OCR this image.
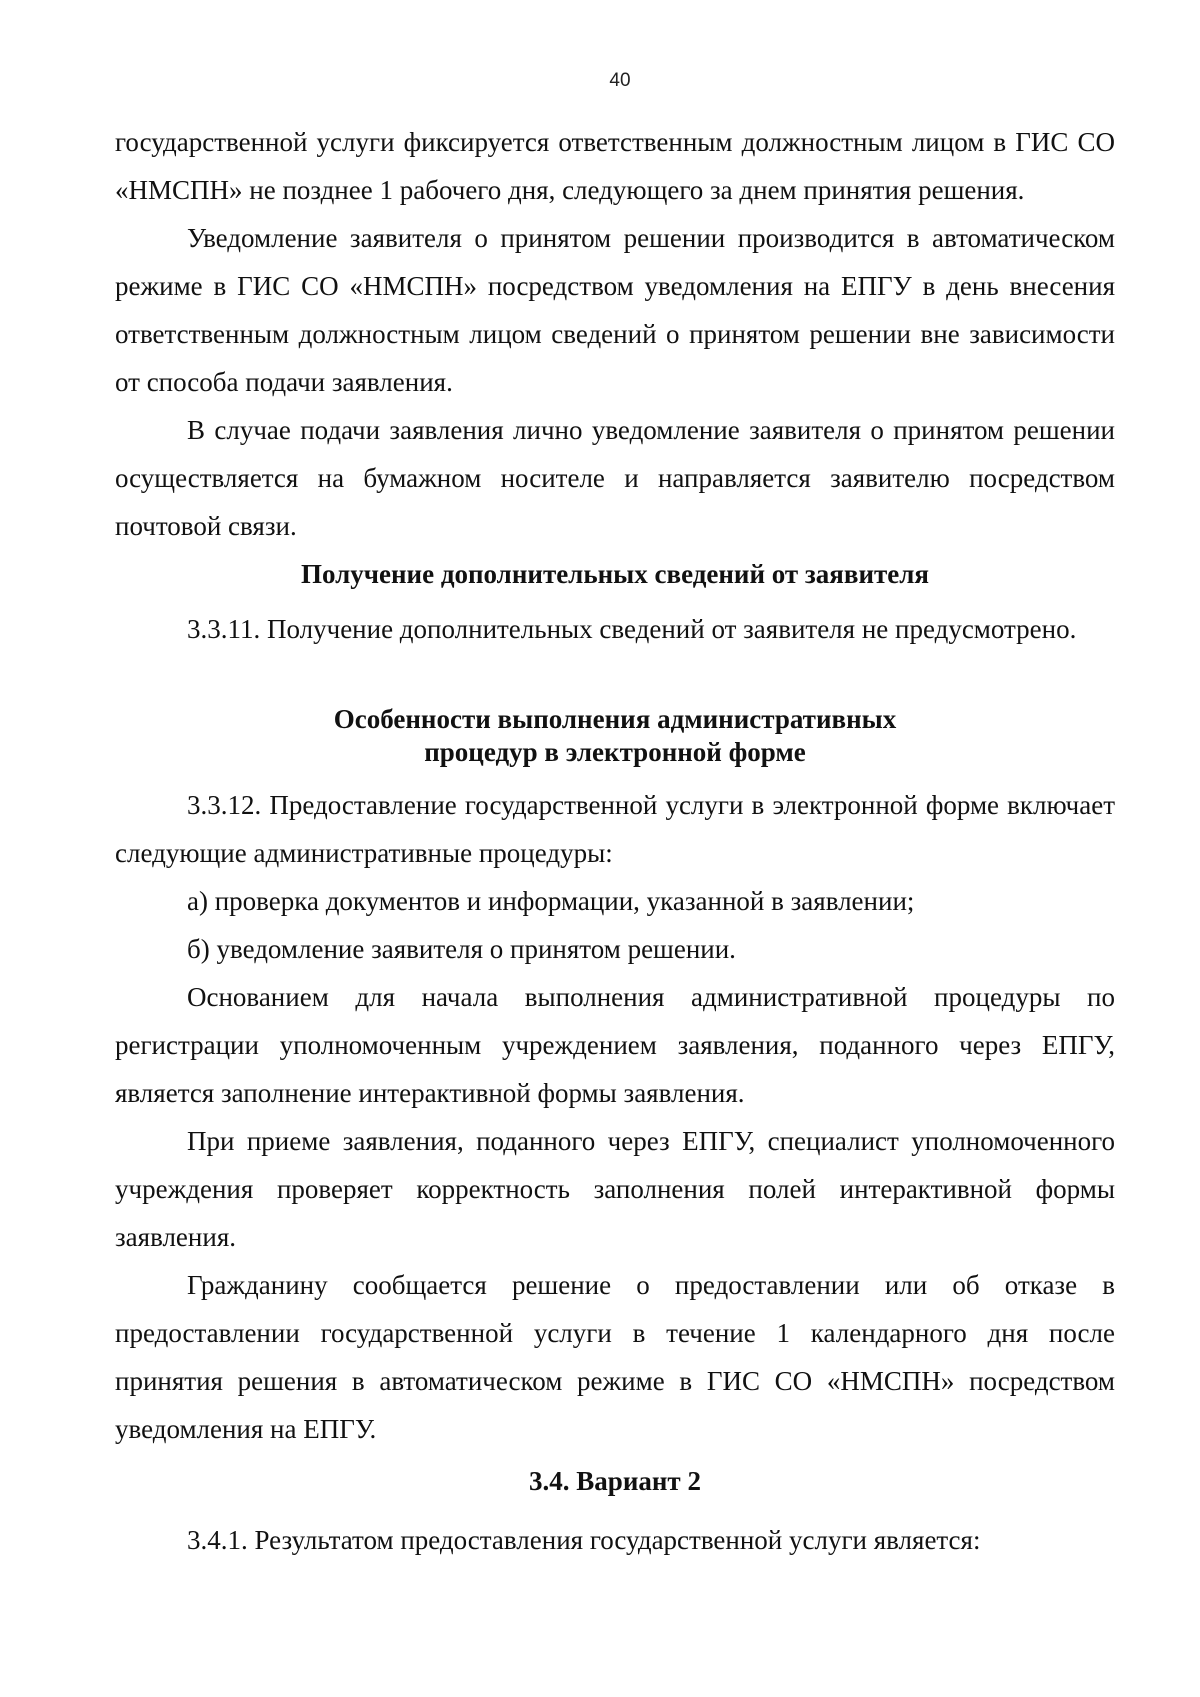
40

государственной услуги фиксируется ответственным должностным лицом в ГИС СО «НМСПН» не позднее 1 рабочего дня, следующего за днем принятия решения.

Уведомление заявителя о принятом решении производится в автоматическом режиме в ГИС СО «НМСПН» посредством уведомления на ЕПГУ в день внесения ответственным должностным лицом сведений о принятом решении вне зависимости от способа подачи заявления.

В случае подачи заявления лично уведомление заявителя о принятом решении осуществляется на бумажном носителе и направляется заявителю посредством почтовой связи.

Получение дополнительных сведений от заявителя

3.3.11. Получение дополнительных сведений от заявителя не предусмотрено.

Особенности выполнения административных
процедур в электронной форме

3.3.12. Предоставление государственной услуги в электронной форме включает следующие административные процедуры:

а) проверка документов и информации, указанной в заявлении;

б) уведомление заявителя о принятом решении.

Основанием для начала выполнения административной процедуры по регистрации уполномоченным учреждением заявления, поданного через ЕПГУ, является заполнение интерактивной формы заявления.

При приеме заявления, поданного через ЕПГУ, специалист уполномоченного учреждения проверяет корректность заполнения полей интерактивной формы заявления.

Гражданину сообщается решение о предоставлении или об отказе в предоставлении государственной услуги в течение 1 календарного дня после принятия решения в автоматическом режиме в ГИС СО «НМСПН» посредством уведомления на ЕПГУ.

3.4. Вариант 2

3.4.1. Результатом предоставления государственной услуги является:
